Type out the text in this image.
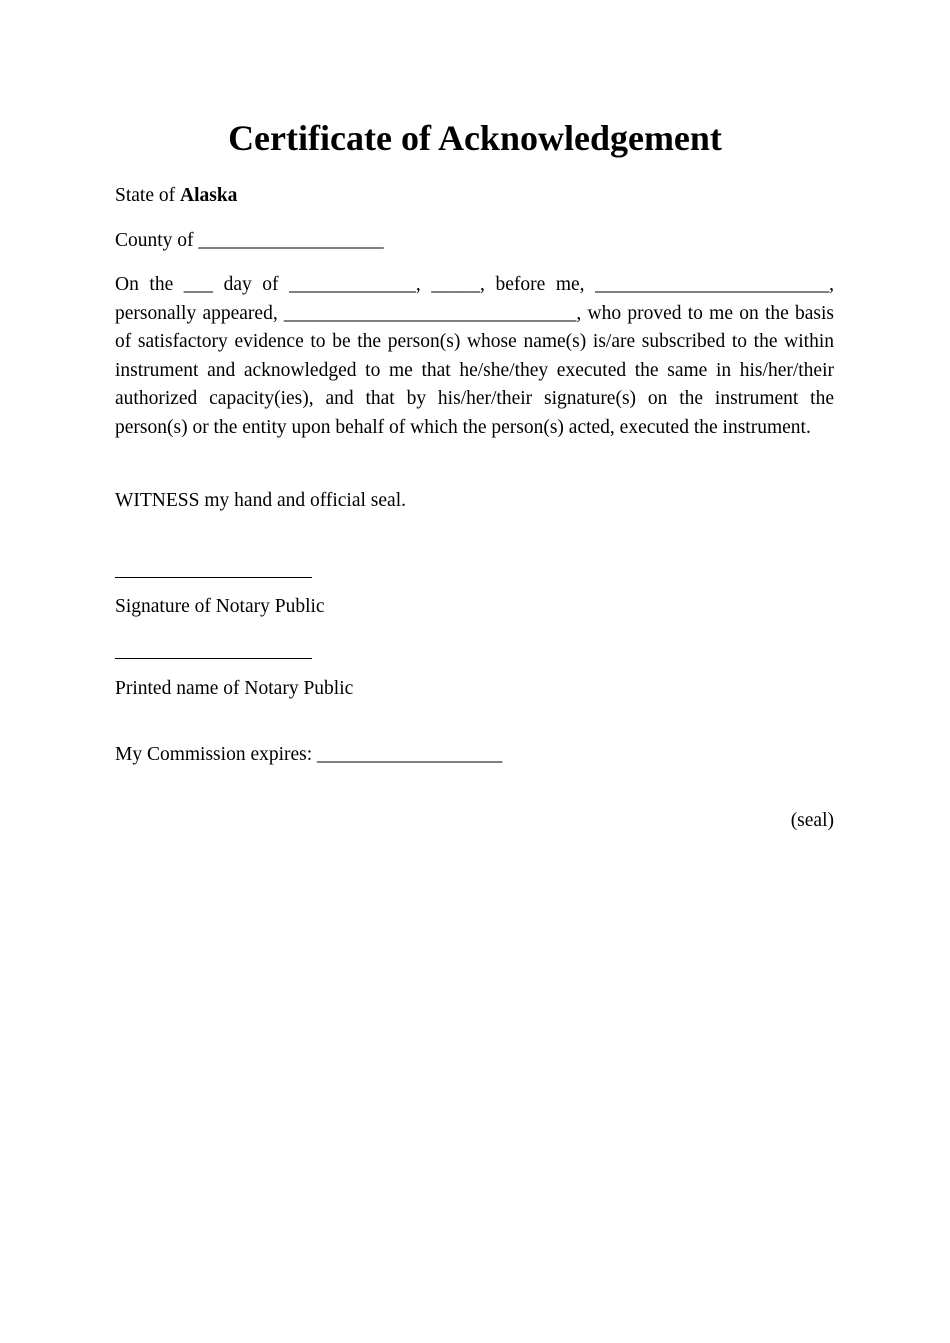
Certificate of Acknowledgement
State of Alaska
County of ___________________

On the ___ day of _____________, _____, before me, ________________________, personally appeared, ______________________________, who proved to me on the basis of satisfactory evidence to be the person(s) whose name(s) is/are subscribed to the within instrument and acknowledged to me that he/she/they executed the same in his/her/their authorized capacity(ies), and that by his/her/their signature(s) on the instrument the person(s) or the entity upon behalf of which the person(s) acted, executed the instrument.

WITNESS my hand and official seal.
Signature of Notary Public
Printed name of Notary Public
My Commission expires: ___________________
(seal)
